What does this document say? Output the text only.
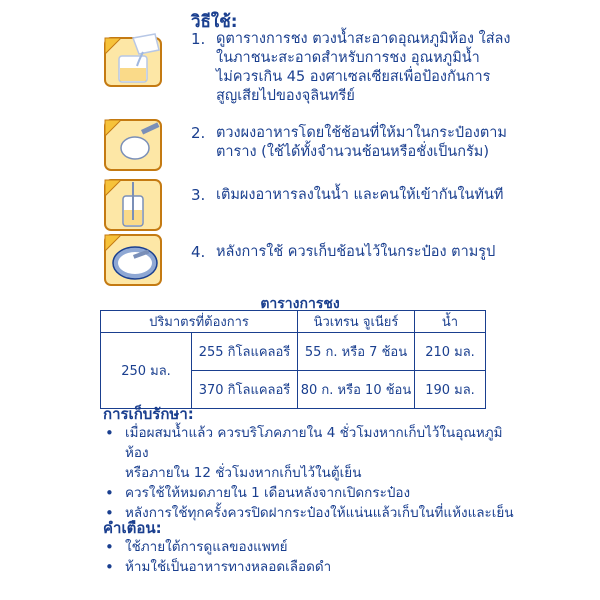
วิธีใช้:
1. ดูตารางการชง ตวงน้ำสะอาดอุณหภูมิห้อง ใส่ลง
ในภาชนะสะอาดสำหรับการชง อุณหภูมิน้ำ
ไม่ควรเกิน 45 องศาเซลเซียสเพื่อป้องกันการ
สูญเสียไปของจุลินทรีย์
2. ตวงผงอาหารโดยใช้ช้อนที่ให้มาในกระป๋องตาม
ตาราง (ใช้ได้ทั้งจำนวนช้อนหรือชั่งเป็นกรัม)
3. เติมผงอาหารลงในน้ำ และคนให้เข้ากันในทันที
4. หลังการใช้ ควรเก็บช้อนไว้ในกระป๋อง ตามรูป
ตารางการชง
ปริมาตรที่ต้องการ		นิวเทรน จูเนียร์	น้ำ
250 มล.	255 กิโลแคลอรี	55 ก. หรือ 7 ช้อน	210 มล.
	370 กิโลแคลอรี	80 ก. หรือ 10 ช้อน	190 มล.
การเก็บรักษา:
• เมื่อผสมน้ำแล้ว ควรบริโภคภายใน 4 ชั่วโมงหากเก็บไว้ในอุณหภูมิห้อง
หรือภายใน 12 ชั่วโมงหากเก็บไว้ในตู้เย็น
• ควรใช้ให้หมดภายใน 1 เดือนหลังจากเปิดกระป๋อง
• หลังการใช้ทุกครั้งควรปิดฝากระป๋องให้แน่นแล้วเก็บในที่แห้งและเย็น
คำเตือน:
• ใช้ภายใต้การดูแลของแพทย์
• ห้ามใช้เป็นอาหารทางหลอดเลือดดำ
